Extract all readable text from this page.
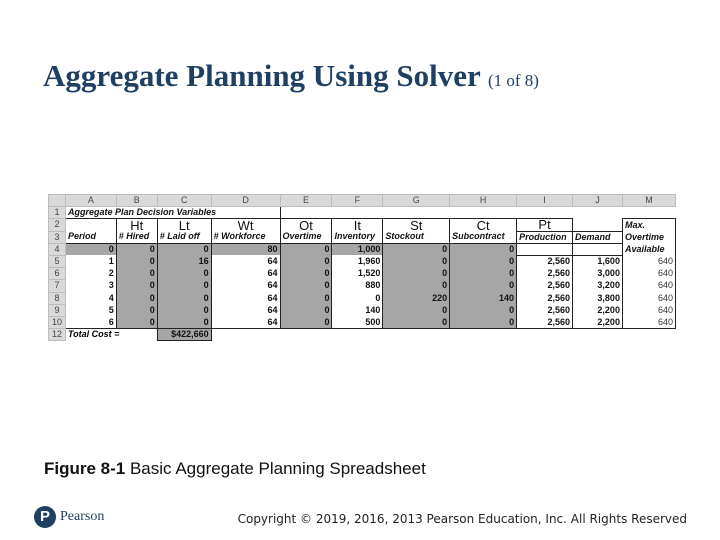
Aggregate Planning Using Solver (1 of 8)
	A	B	C	D	E	F	G	H	I	J	M
1	Aggregate Plan Decision Variables										
2		Ht	Lt	Wt	Ot	It	St	Ct	Pt		Max.
3	Period	# Hired	# Laid off	# Workforce	Overtime	Inventory	Stockout	Subcontract	Production	Demand	Overtime
4	0	0	0	80	0	1,000	0	0			Available
5	1	0	16	64	0	1,960	0	0	2,560	1,600	640
6	2	0	0	64	0	1,520	0	0	2,560	3,000	640
7	3	0	0	64	0	880	0	0	2,560	3,200	640
8	4	0	0	64	0	0	220	140	2,560	3,800	640
9	5	0	0	64	0	140	0	0	2,560	2,200	640
10	6	0	0	64	0	500	0	0	2,560	2,200	640
12	Total Cost =		$422,660								
Figure 8-1 Basic Aggregate Planning Spreadsheet
P
Pearson	Copyright © 2019, 2016, 2013 Pearson Education, Inc. All Rights Reserved
